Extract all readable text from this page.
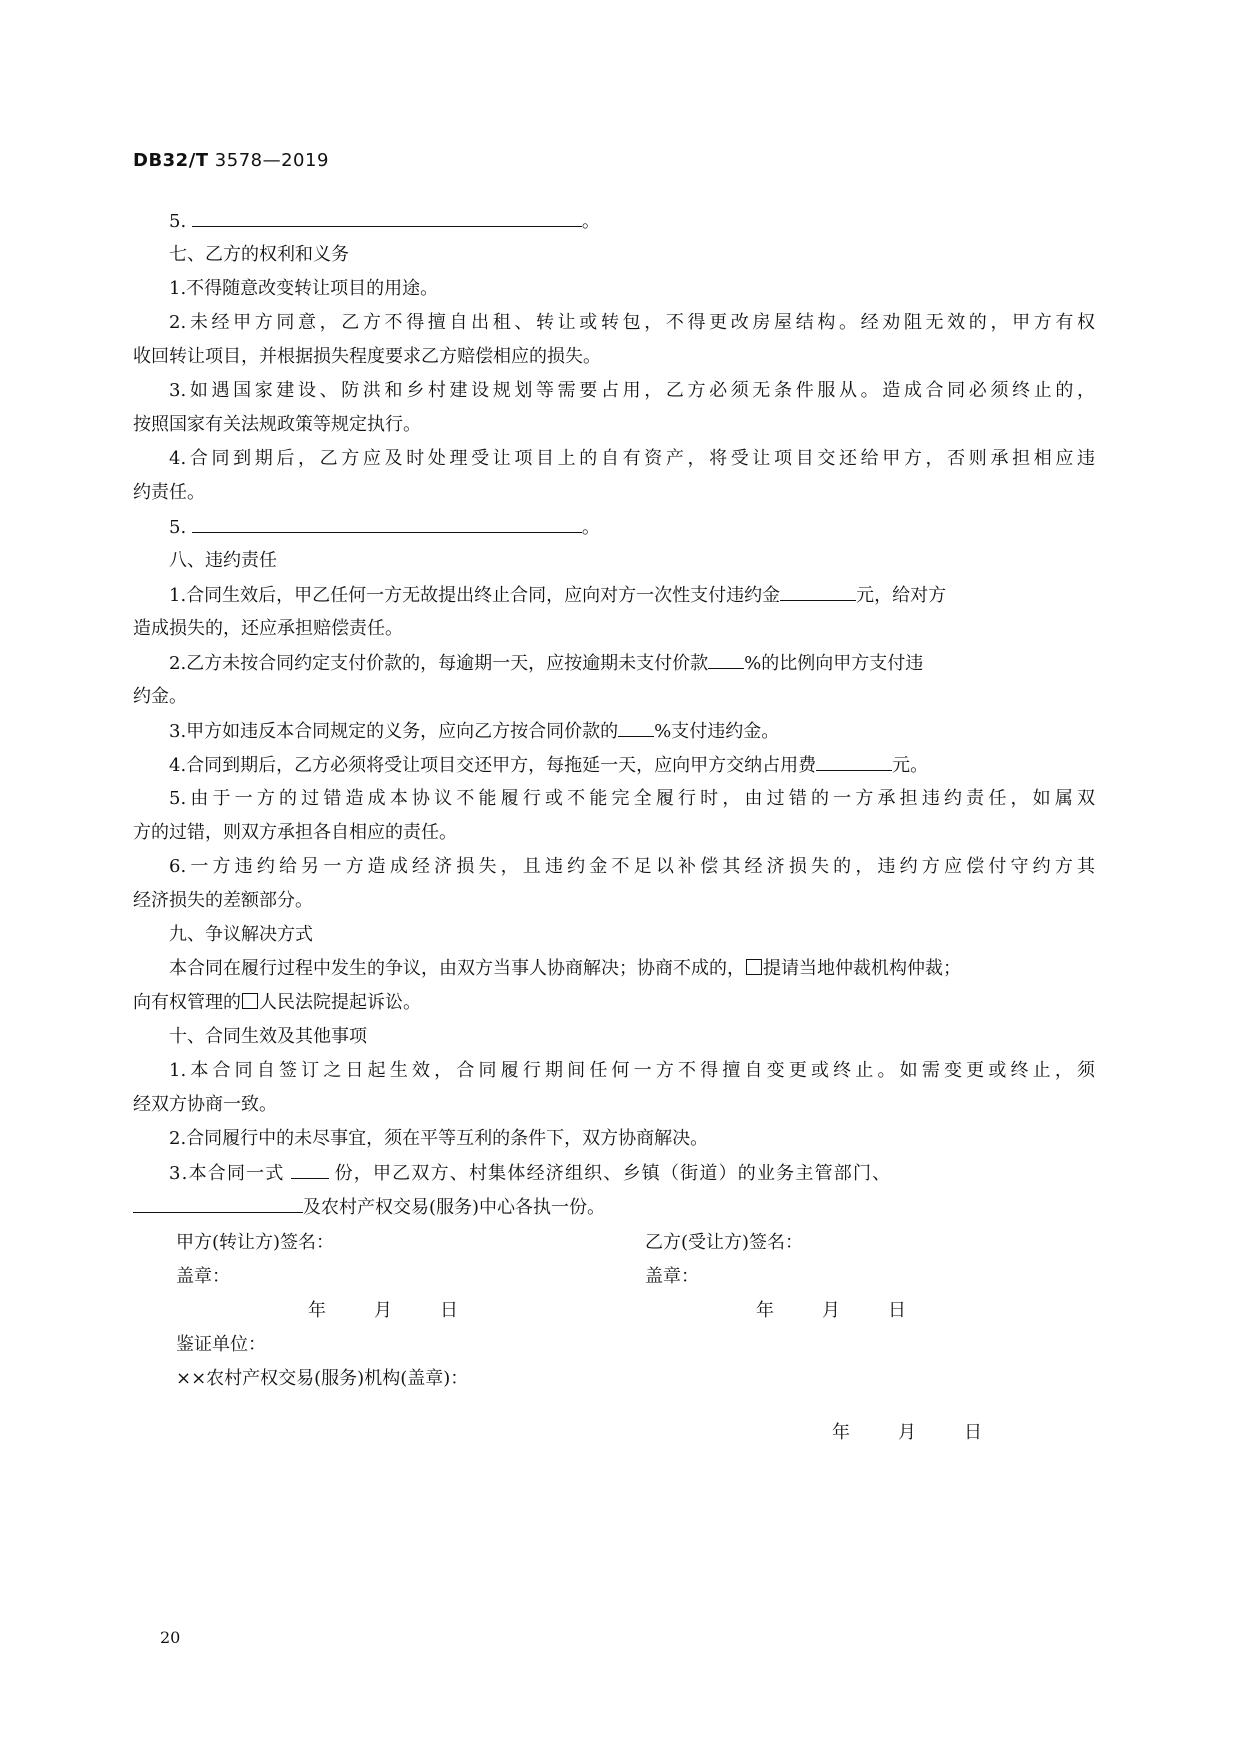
DB32/T 3578—2019
5.	。
七、乙方的权利和义务
1.不得随意改变转让项目的用途。
2.未经甲方同意，乙方不得擅自出租、转让或转包，不得更改房屋结构。经劝阻无效的，甲方有权
收回转让项目，并根据损失程度要求乙方赔偿相应的损失。
3.如遇国家建设、防洪和乡村建设规划等需要占用，乙方必须无条件服从。造成合同必须终止的，
按照国家有关法规政策等规定执行。
4.合同到期后，乙方应及时处理受让项目上的自有资产，将受让项目交还给甲方，否则承担相应违
约责任。
5.	。
八、违约责任
1.合同生效后，甲乙任何一方无故提出终止合同，应向对方一次性支付违约金	元，给对方
造成损失的，还应承担赔偿责任。
2.乙方未按合同约定支付价款的，每逾期一天，应按逾期未支付价款 %的比例向甲方支付违
约金。
3.甲方如违反本合同规定的义务，应向乙方按合同价款的 %支付违约金。
4.合同到期后，乙方必须将受让项目交还甲方，每拖延一天，应向甲方交纳占用费	元。
5.由于一方的过错造成本协议不能履行或不能完全履行时，由过错的一方承担违约责任，如属双
方的过错，则双方承担各自相应的责任。
6.一方违约给另一方造成经济损失，且违约金不足以补偿其经济损失的，违约方应偿付守约方其
经济损失的差额部分。
九、争议解决方式
本合同在履行过程中发生的争议，由双方当事人协商解决；协商不成的， 提请当地仲裁机构仲裁；
向有权管理的 人民法院提起诉讼。
十、合同生效及其他事项
1.本合同自签订之日起生效，合同履行期间任何一方不得擅自变更或终止。如需变更或终止，须
经双方协商一致。
2.合同履行中的未尽事宜，须在平等互利的条件下，双方协商解决。
3.本合同一式	份，甲乙双方、村集体经济组织、乡镇（街道）的业务主管部门、
及农村产权交易(服务)中心各执一份。
甲方(转让方)签名：	乙方(受让方)签名：
盖章：	盖章：
年	月	日	年	月	日
鉴证单位：
××农村产权交易(服务)机构(盖章)：
年	月	日
20
